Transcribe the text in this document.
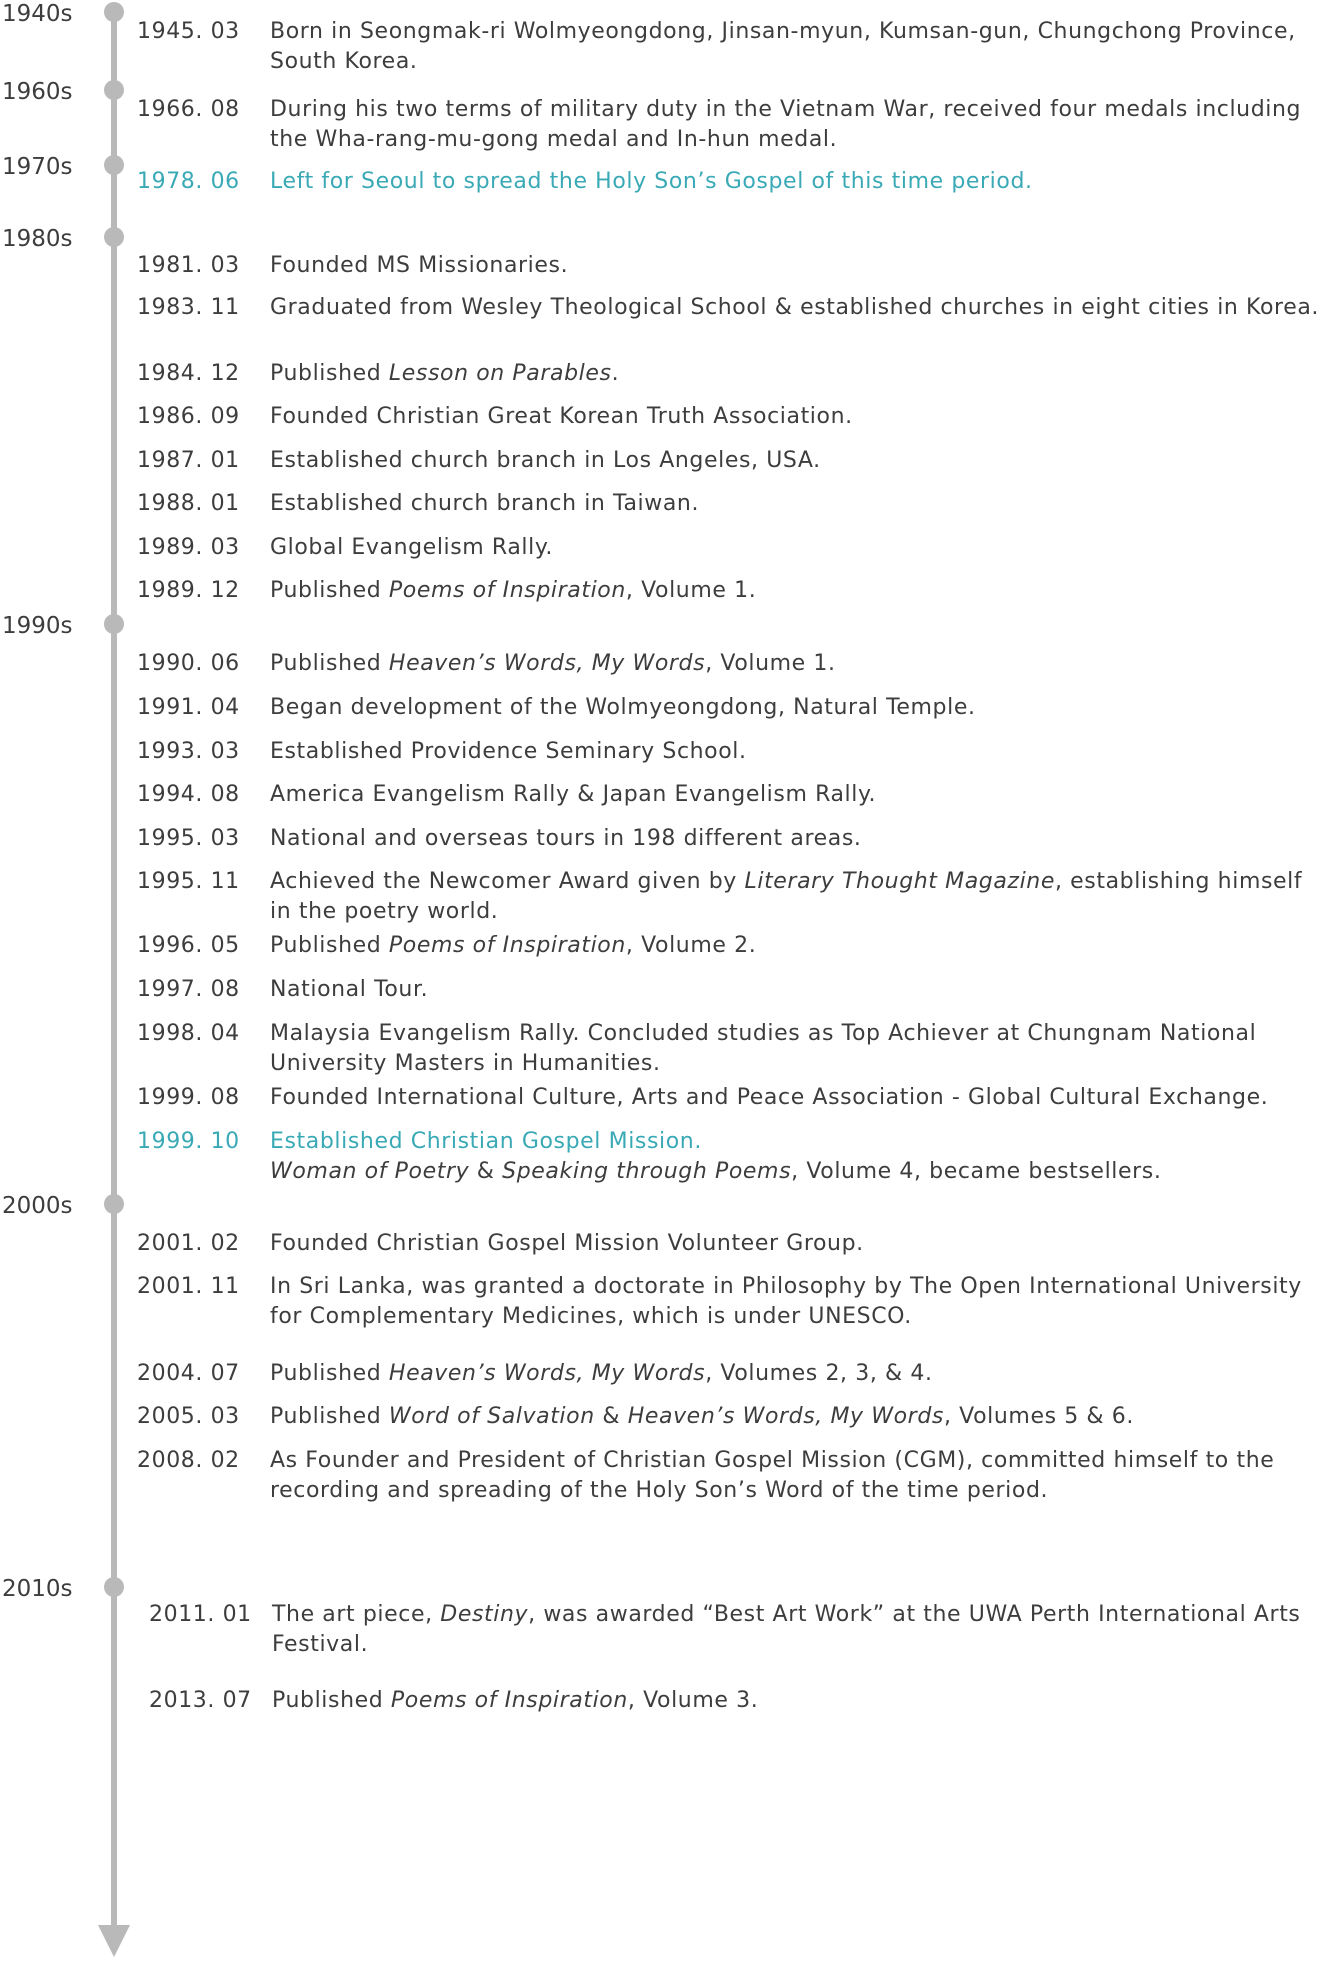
1940s
1960s
1970s
1980s
1990s
2000s
2010s
1945. 03 Born in Seongmak-ri Wolmyeongdong, Jinsan-myun, Kumsan-gun, Chungchong Province, South Korea.
1966. 08 During his two terms of military duty in the Vietnam War, received four medals including the Wha-rang-mu-gong medal and In-hun medal.
1978. 06 Left for Seoul to spread the Holy Son’s Gospel of this time period.
1981. 03 Founded MS Missionaries.
1983. 11 Graduated from Wesley Theological School & established churches in eight cities in Korea.
1984. 12 Published Lesson on Parables.
1986. 09 Founded Christian Great Korean Truth Association.
1987. 01 Established church branch in Los Angeles, USA.
1988. 01 Established church branch in Taiwan.
1989. 03 Global Evangelism Rally.
1989. 12 Published Poems of Inspiration, Volume 1.
1990. 06 Published Heaven’s Words, My Words, Volume 1.
1991. 04 Began development of the Wolmyeongdong, Natural Temple.
1993. 03 Established Providence Seminary School.
1994. 08 America Evangelism Rally & Japan Evangelism Rally.
1995. 03 National and overseas tours in 198 different areas.
1995. 11 Achieved the Newcomer Award given by Literary Thought Magazine, establishing himself in the poetry world.
1996. 05 Published Poems of Inspiration, Volume 2.
1997. 08 National Tour.
1998. 04 Malaysia Evangelism Rally. Concluded studies as Top Achiever at Chungnam National University Masters in Humanities.
1999. 08 Founded International Culture, Arts and Peace Association - Global Cultural Exchange.
1999. 10 Established Christian Gospel Mission.
Woman of Poetry & Speaking through Poems, Volume 4, became bestsellers.
2001. 02 Founded Christian Gospel Mission Volunteer Group.
2001. 11 In Sri Lanka, was granted a doctorate in Philosophy by The Open International University for Complementary Medicines, which is under UNESCO.
2004. 07 Published Heaven’s Words, My Words, Volumes 2, 3, & 4.
2005. 03 Published Word of Salvation & Heaven’s Words, My Words, Volumes 5 & 6.
2008. 02 As Founder and President of Christian Gospel Mission (CGM), committed himself to the recording and spreading of the Holy Son’s Word of the time period.
2011. 01 The art piece, Destiny, was awarded “Best Art Work” at the UWA Perth International Arts Festival.
2013. 07 Published Poems of Inspiration, Volume 3.
